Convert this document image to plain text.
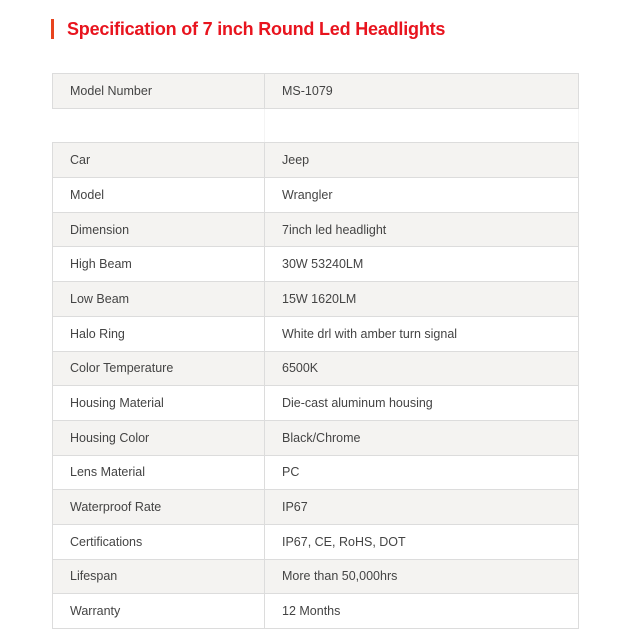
Specification of 7 inch Round Led Headlights
Model Number	MS-1079

Car	Jeep
Model	Wrangler
Dimension	7inch led headlight
High Beam	30W 53240LM
Low Beam	15W 1620LM
Halo Ring	White drl with amber turn signal
Color Temperature	6500K
Housing Material	Die-cast aluminum housing
Housing Color	Black/Chrome
Lens Material	PC
Waterproof Rate	IP67
Certifications	IP67, CE, RoHS, DOT
Lifespan	More than 50,000hrs
Warranty	12 Months
